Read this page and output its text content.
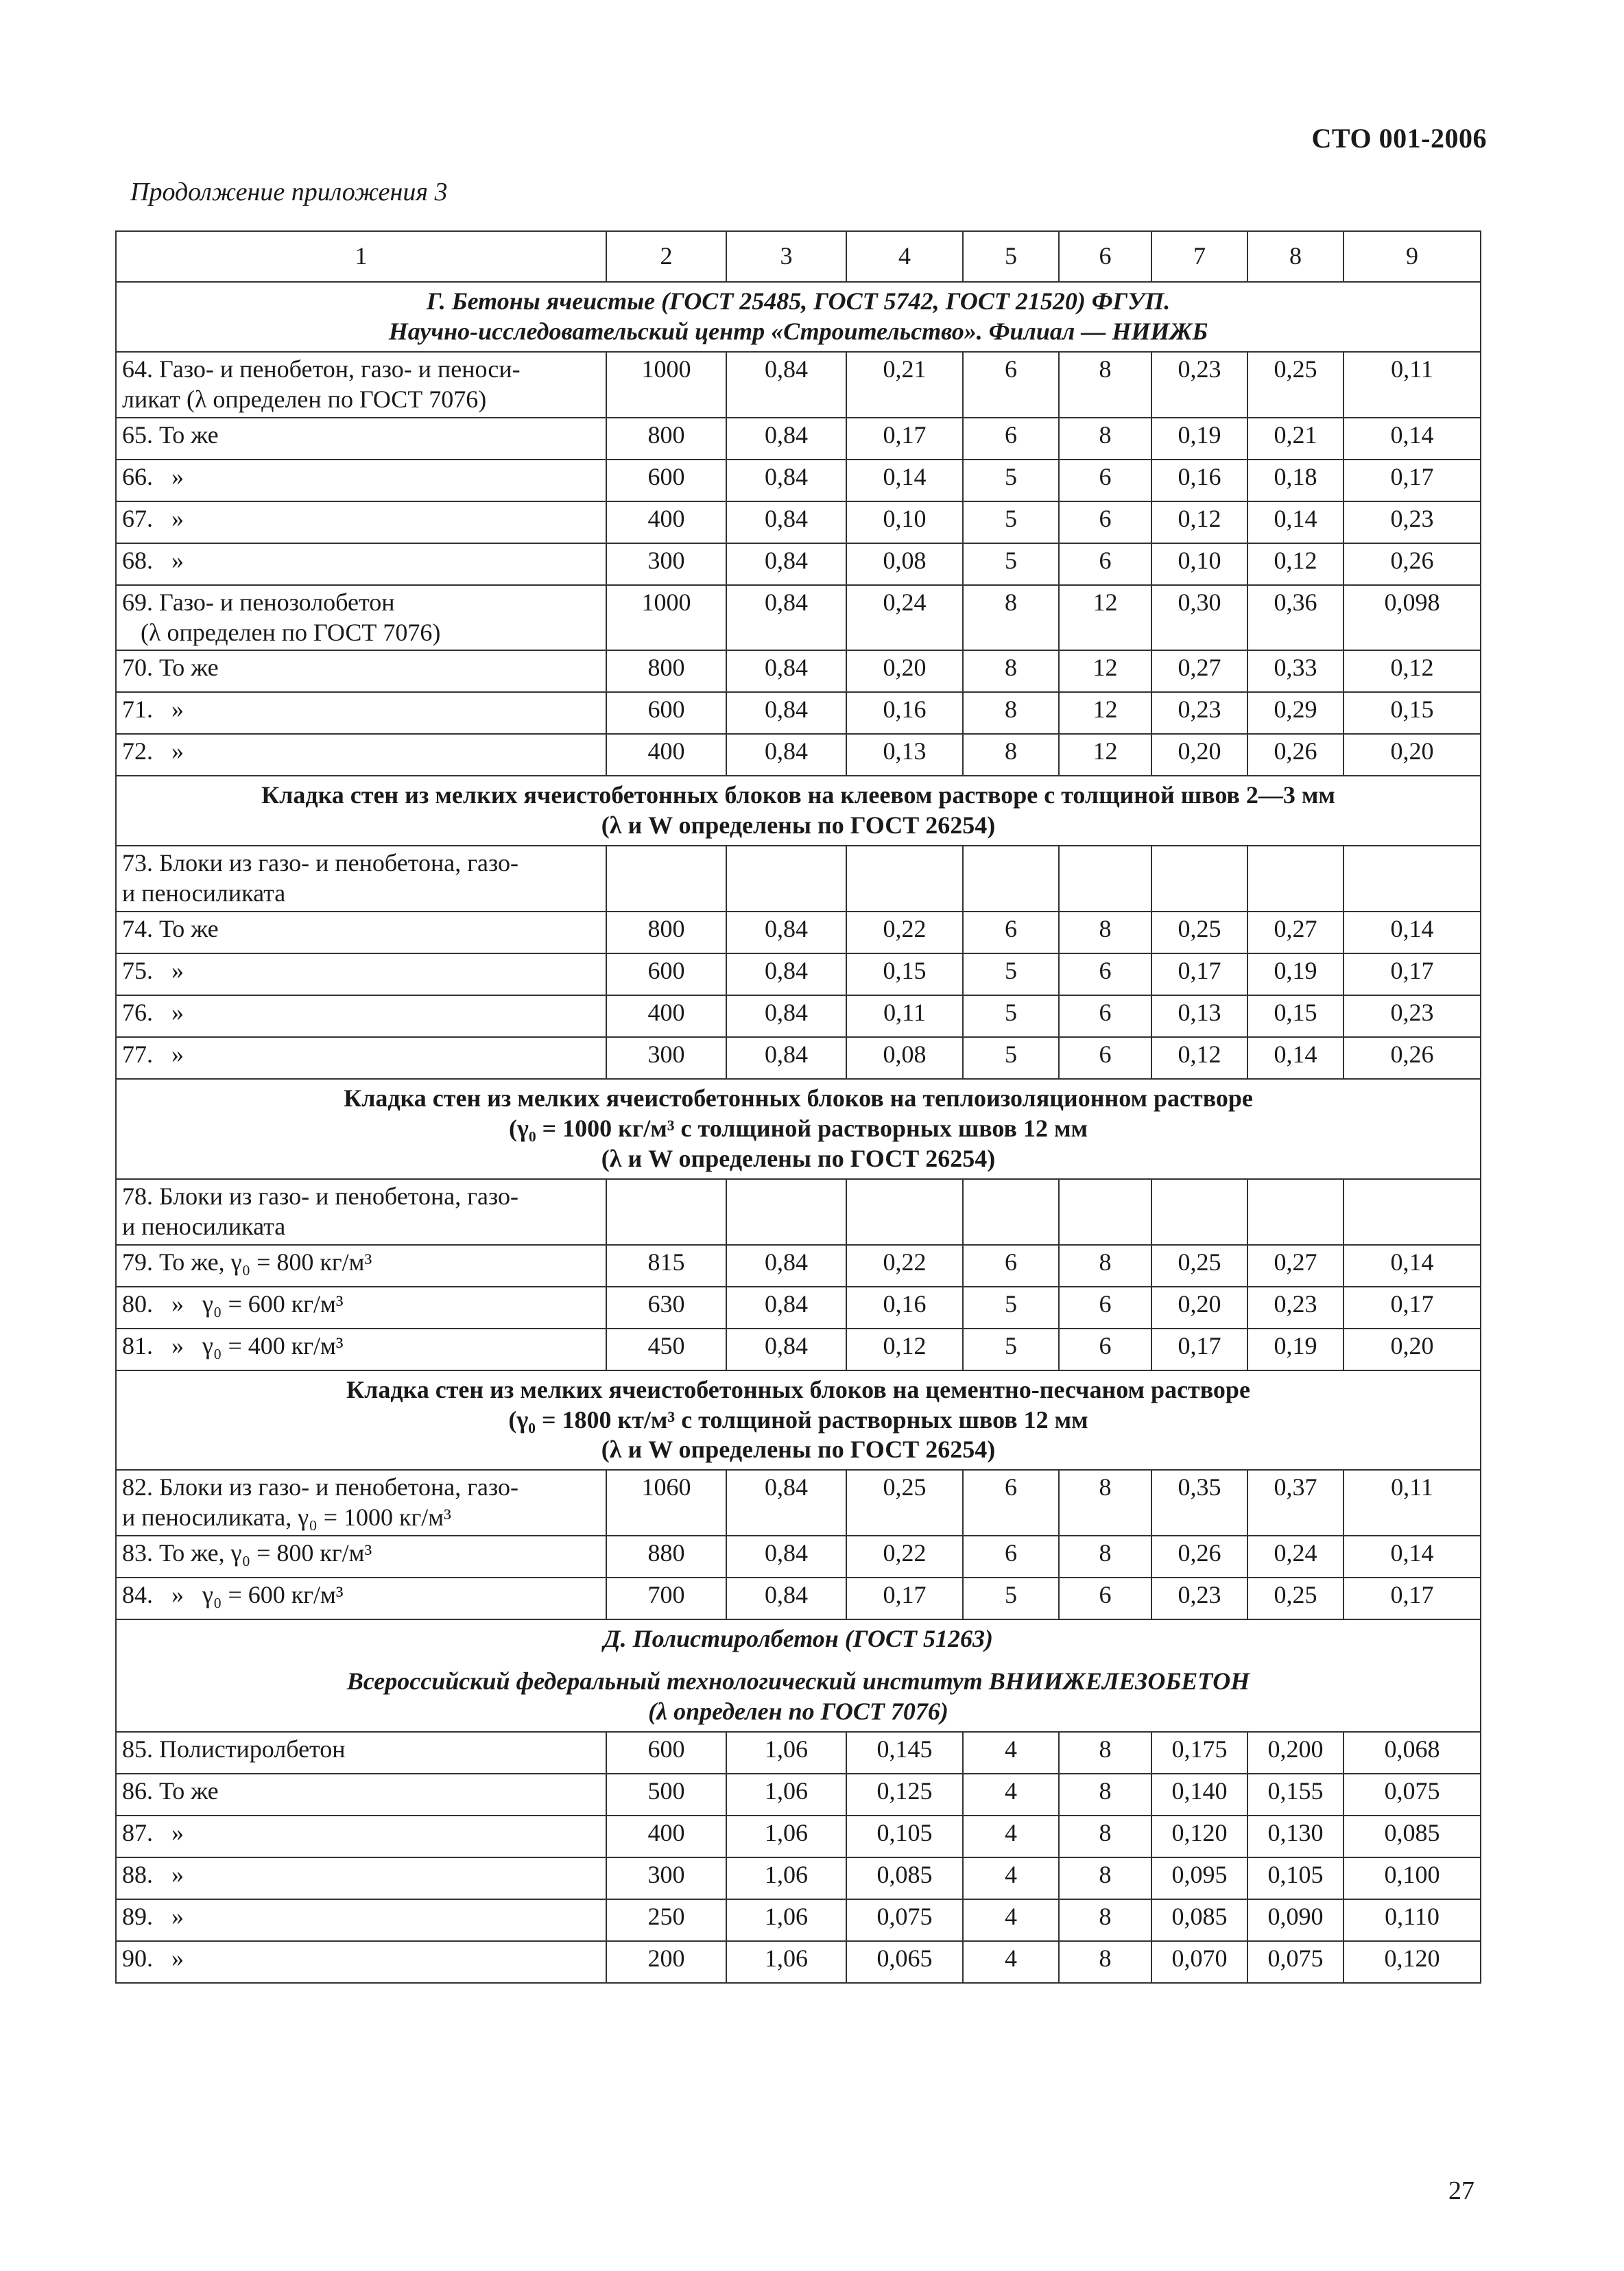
СТО 001-2006
Продолжение приложения 3
1	2	3	4	5	6	7	8	9

Г. Бетоны ячеистые (ГОСТ 25485, ГОСТ 5742, ГОСТ 21520) ФГУП.
Научно-исследовательский центр «Строительство». Филиал — НИИЖБ								

64. Газо- и пенобетон, газо- и пеноси-
ликат (λ определен по ГОСТ 7076)	1000	0,84	0,21	6	8	0,23	0,25	0,11
65. То же	800	0,84	0,17	6	8	0,19	0,21	0,14
66.   »	600	0,84	0,14	5	6	0,16	0,18	0,17
67.   »	400	0,84	0,10	5	6	0,12	0,14	0,23
68.   »	300	0,84	0,08	5	6	0,10	0,12	0,26
69. Газо- и пенозолобетон
(λ определен по ГОСТ 7076)	1000	0,84	0,24	8	12	0,30	0,36	0,098
70. То же	800	0,84	0,20	8	12	0,27	0,33	0,12
71.   »	600	0,84	0,16	8	12	0,23	0,29	0,15
72.   »	400	0,84	0,13	8	12	0,20	0,26	0,20

Кладка стен из мелких ячеистобетонных блоков на клеевом растворе с толщиной швов 2—3 мм
(λ и W определены по ГОСТ 26254)								

73. Блоки из газо- и пенобетона, газо-
и пеносиликата								
74. То же	800	0,84	0,22	6	8	0,25	0,27	0,14
75.   »	600	0,84	0,15	5	6	0,17	0,19	0,17
76.   »	400	0,84	0,11	5	6	0,13	0,15	0,23
77.   »	300	0,84	0,08	5	6	0,12	0,14	0,26

Кладка стен из мелких ячеистобетонных блоков на теплоизоляционном растворе
(γ₀ = 1000 кг/м³ с толщиной растворных швов 12 мм
(λ и W определены по ГОСТ 26254)								

78. Блоки из газо- и пенобетона, газо-
и пеносиликата								
79. То же, γ₀ = 800 кг/м³	815	0,84	0,22	6	8	0,25	0,27	0,14
80.   »   γ₀ = 600 кг/м³	630	0,84	0,16	5	6	0,20	0,23	0,17
81.   »   γ₀ = 400 кг/м³	450	0,84	0,12	5	6	0,17	0,19	0,20

Кладка стен из мелких ячеистобетонных блоков на цементно-песчаном растворе
(γ₀ = 1800 кт/м³ с толщиной растворных швов 12 мм
(λ и W определены по ГОСТ 26254)								

82. Блоки из газо- и пенобетона, газо-
и пеносиликата, γ₀ = 1000 кг/м³	1060	0,84	0,25	6	8	0,35	0,37	0,11
83. То же, γ₀ = 800 кг/м³	880	0,84	0,22	6	8	0,26	0,24	0,14
84.   »   γ₀ = 600 кг/м³	700	0,84	0,17	5	6	0,23	0,25	0,17

Д. Полистиролбетон (ГОСТ 51263)
Всероссийский федеральный технологический институт ВНИИЖЕЛЕЗОБЕТОН
(λ определен по ГОСТ 7076)								

85. Полистиролбетон	600	1,06	0,145	4	8	0,175	0,200	0,068
86. То же	500	1,06	0,125	4	8	0,140	0,155	0,075
87.   »	400	1,06	0,105	4	8	0,120	0,130	0,085
88.   »	300	1,06	0,085	4	8	0,095	0,105	0,100
89.   »	250	1,06	0,075	4	8	0,085	0,090	0,110
90.   »	200	1,06	0,065	4	8	0,070	0,075	0,120
27
